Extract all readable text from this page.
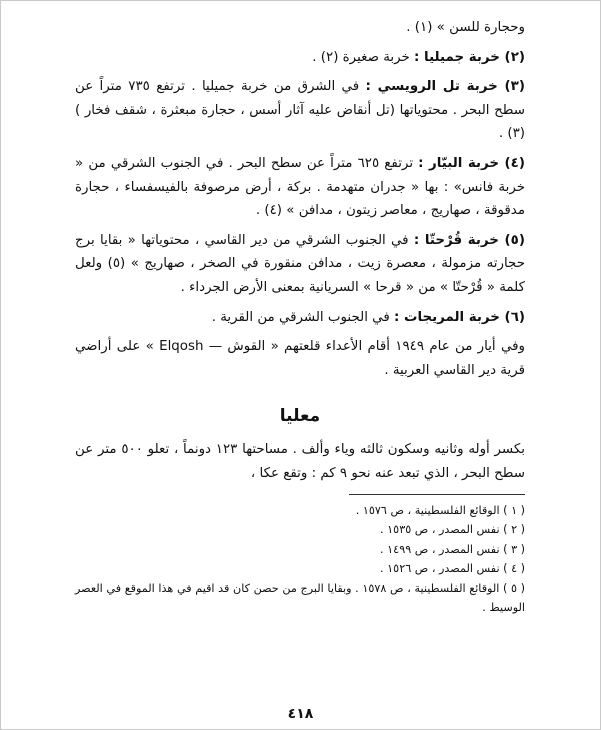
وحجارة للسن » (١) .

(٢) خربة جميليا : خربة صغيرة (٢) .

(٣) خربة تل الرويسي : في الشرق من خربة جميليا . ترتفع ٧٣٥ متراً عن سطح البحر . محتوياتها (تل أنقاض عليه آثار أسس ، حجارة مبعثرة ، شقف فخار ) (٣) .

(٤) خربة البيّار : ترتفع ٦٢٥ متراً عن سطح البحر . في الجنوب الشرقي من « خربة فانس» : بها « جدران متهدمة . بركة ، أرض مرصوفة بالفيسفساء ، حجارة مدقوقة ، صهاريج ، معاصر زيتون ، مدافن » (٤) .

(٥) خربة قُرْحتّا : في الجنوب الشرقي من دير القاسي ، محتوياتها « بقايا برج حجارته مزمولة ، معصرة زيت ، مدافن منقورة في الصخر ، صهاريج » (٥) ولعل كلمة « قُرْحتّا » من « قرحا » السريانية بمعنى الأرض الجرداء .

(٦) خربة المريجات : في الجنوب الشرقي من القرية .

وفي أيار من عام ١٩٤٩ أقام الأعداء قلعتهم « القوش — Elqosh » على أراضي قرية دير القاسي العربية .

معليا

بكسر أوله وثانيه وسكون ثالثه وياء وألف . مساحتها ١٢٣ دونماً ، تعلو ٥٠٠ متر عن سطح البحر ، الذي تبعد عنه نحو ٩ كم : وتقع عكا ،

( ١ ) الوقائع الفلسطينية ، ص ١٥٧٦ .
( ٢ ) نفس المصدر ، ص ١٥٣٥ .
( ٣ ) نفس المصدر ، ص ١٤٩٩ .
( ٤ ) نفس المصدر ، ص ١٥٢٦ .
( ٥ ) الوقائع الفلسطينية ، ص ١٥٧٨ . وبقايا البرج من حصن كان قد اقيم في هذا الموقع في العصر الوسيط .
٤١٨
